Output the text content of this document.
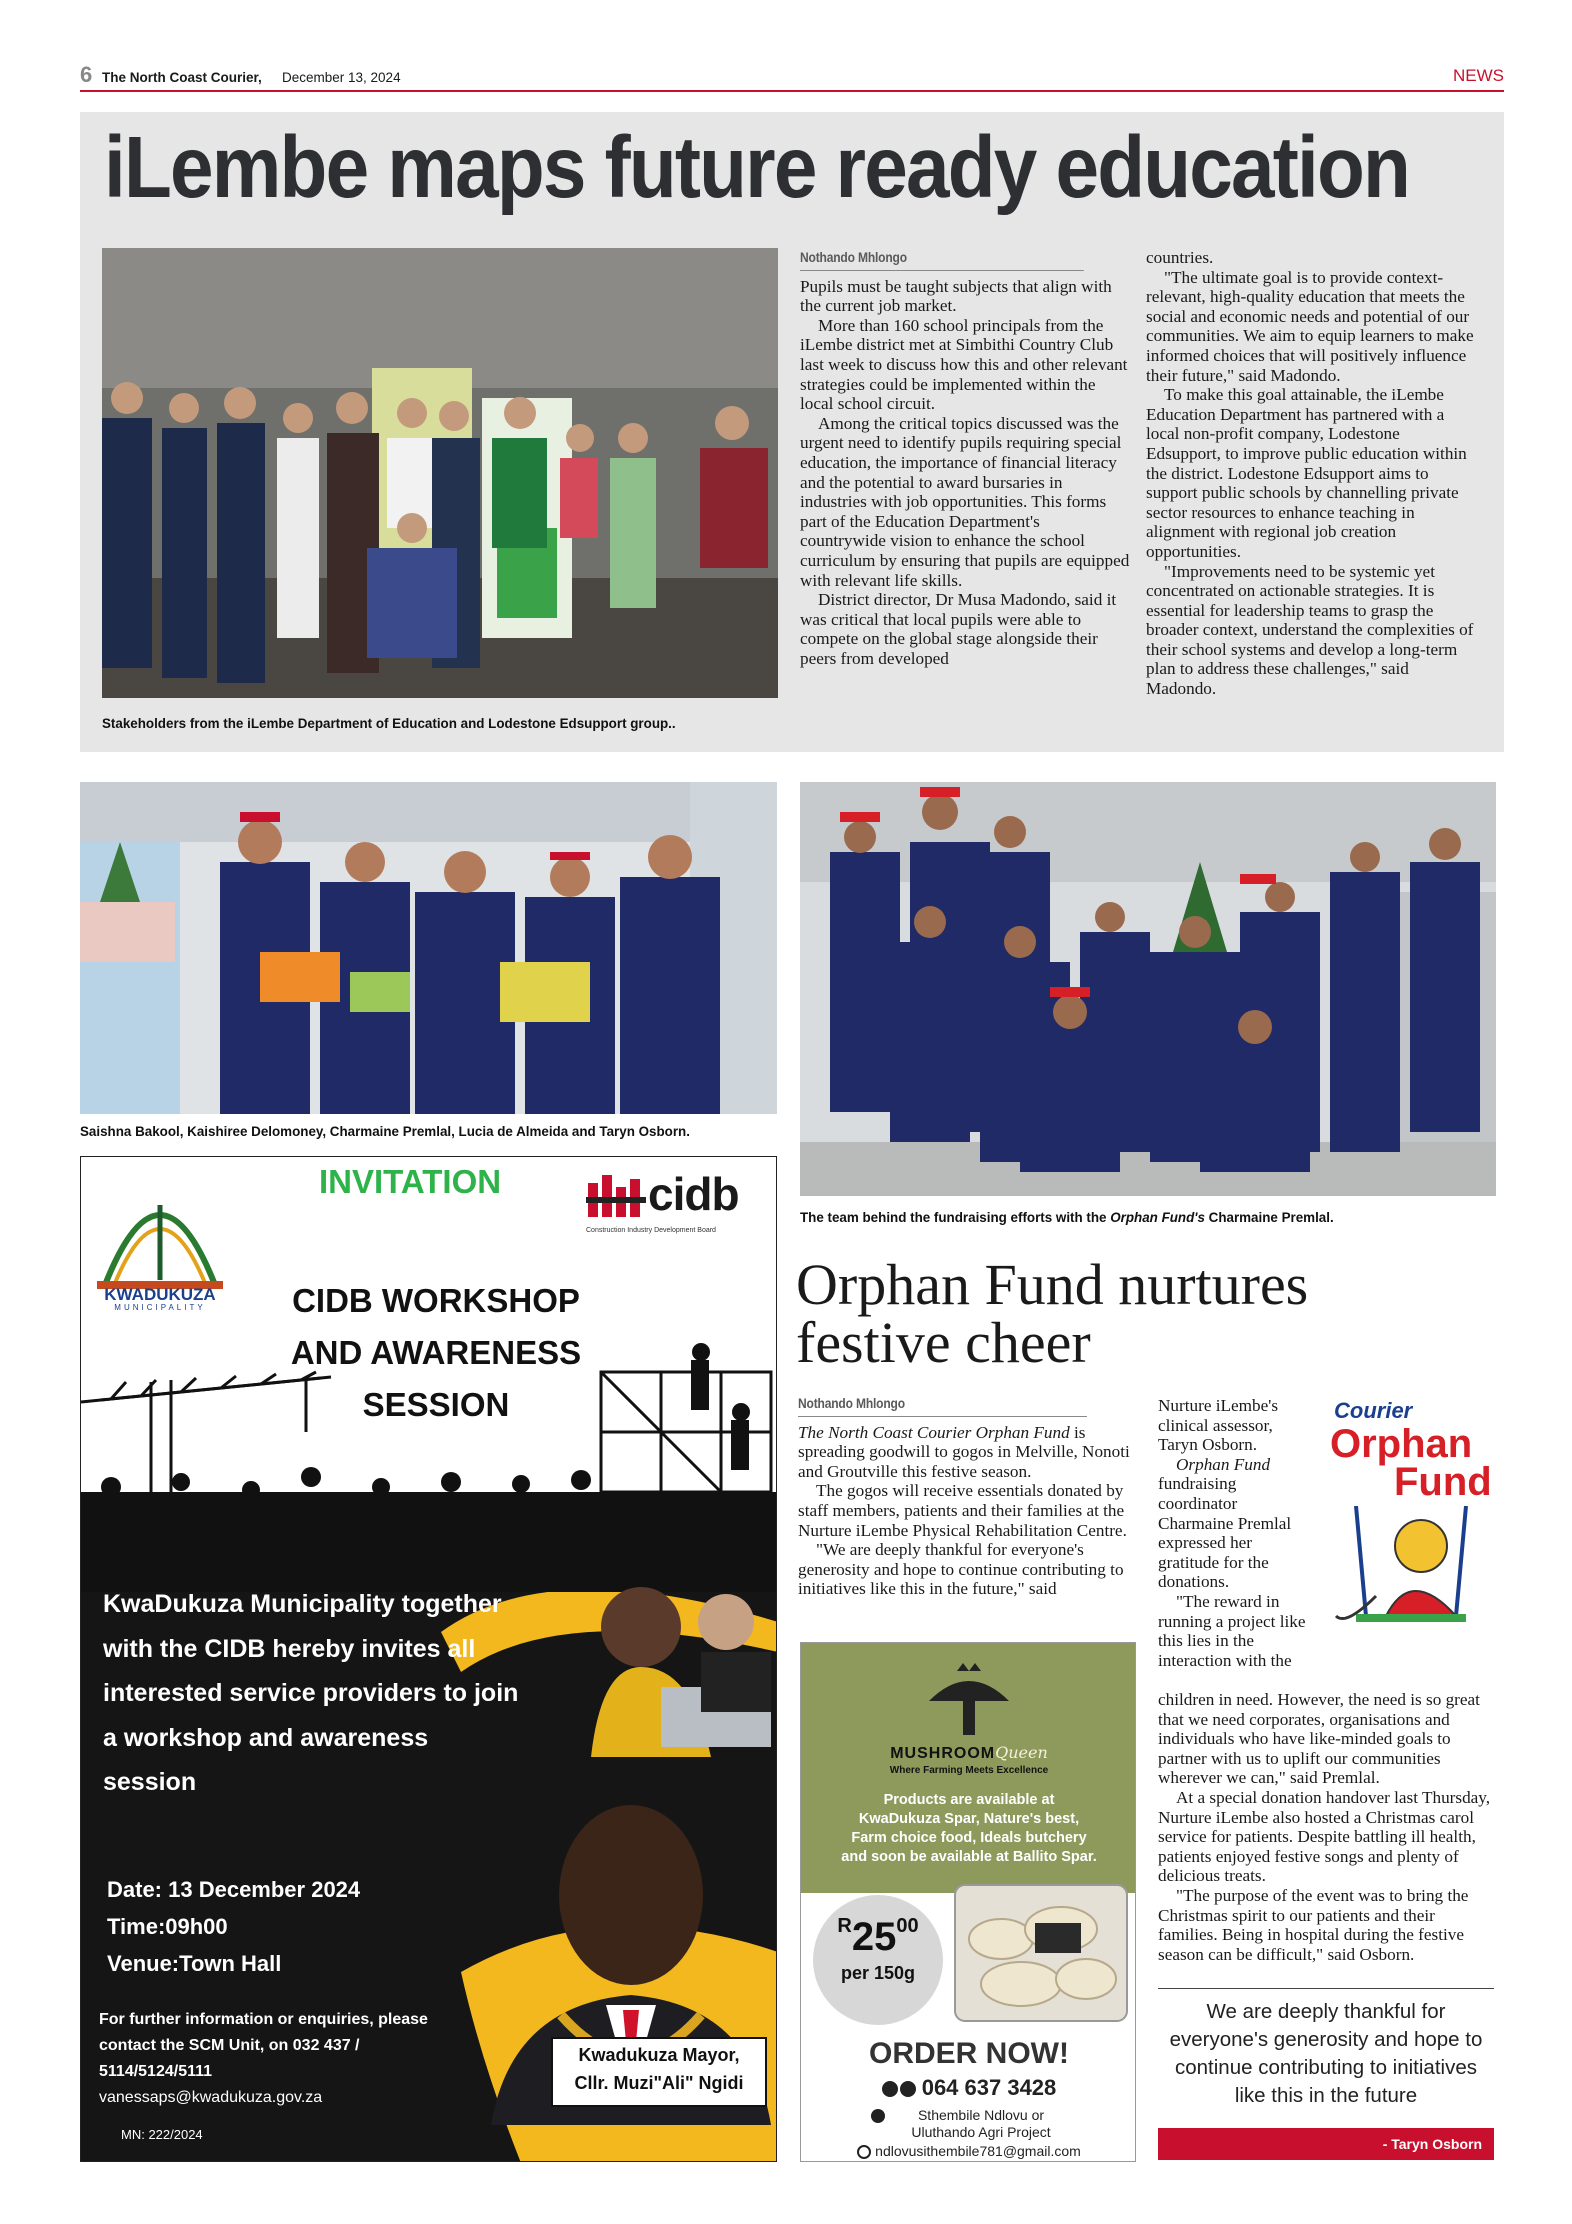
6 The North Coast Courier, December 13, 2024	NEWS
iLembe maps future ready education
Stakeholders from the iLembe Department of Education and Lodestone Edsupport group..
Nothando Mhlongo

Pupils must be taught subjects that align with the current job market.

More than 160 school principals from the iLembe district met at Simbithi Country Club last week to discuss how this and other relevant strategies could be implemented within the local school circuit.

Among the critical topics discussed was the urgent need to identify pupils requiring special education, the importance of financial literacy and the potential to award bursaries in industries with job opportunities. This forms part of the Education Department's countrywide vision to enhance the school curriculum by ensuring that pupils are equipped with relevant life skills.

District director, Dr Musa Madondo, said it was critical that local pupils were able to compete on the global stage alongside their peers from developed

countries.

"The ultimate goal is to provide context-relevant, high-quality education that meets the social and economic needs and potential of our communities. We aim to equip learners to make informed choices that will positively influence their future," said Madondo.

To make this goal attainable, the iLembe Education Department has partnered with a local non-profit company, Lodestone Edsupport, to improve public education within the district. Lodestone Edsupport aims to support public schools by channelling private sector resources to enhance teaching in alignment with regional job creation opportunities.

"Improvements need to be systemic yet concentrated on actionable strategies. It is essential for leadership teams to grasp the broader context, understand the complexities of their school systems and develop a long-term plan to address these challenges," said Madondo.

Saishna Bakool, Kaishiree Delomoney, Charmaine Premlal, Lucia de Almeida and Taryn Osborn.
The team behind the fundraising efforts with the Orphan Fund's Charmaine Premlal.
KWADUKUZA
MUNICIPALITY
INVITATION	cidb
Construction Industry Development Board
CIDB WORKSHOP
AND AWARENESS
SESSION
KwaDukuza Municipality together
with the CIDB hereby invites all
interested service providers to join
a workshop and awareness
session
Date: 13 December 2024
Time:09h00
Venue:Town Hall
For further information or enquiries, please
contact the SCM Unit, on 032 437 /
5114/5124/5111
vanessaps@kwadukuza.gov.za
MN: 222/2024
Kwadukuza Mayor,
Cllr. Muzi"Ali" Ngidi
Orphan Fund nurtures
festive cheer
Nothando Mhlongo

The North Coast Courier Orphan Fund is spreading goodwill to gogos in Melville, Nonoti and Groutville this festive season.

The gogos will receive essentials donated by staff members, patients and their families at the Nurture iLembe Physical Rehabilitation Centre.

"We are deeply thankful for everyone's generosity and hope to continue contributing to initiatives like this in the future," said

Nurture iLembe's clinical assessor, Taryn Osborn.

Orphan Fund fundraising coordinator Charmaine Premlal expressed her gratitude for the donations.

"The reward in running a project like this lies in the interaction with the

children in need. However, the need is so great that we need corporates, organisations and individuals who have like-minded goals to partner with us to uplift our communities wherever we can," said Premlal.

At a special donation handover last Thursday, Nurture iLembe also hosted a Christmas carol service for patients. Despite battling ill health, patients enjoyed festive songs and plenty of delicious treats.

"The purpose of the event was to bring the Christmas spirit to our patients and their families. Being in hospital during the festive season can be difficult," said Osborn.

Courier
Orphan
Fund
MUSHROOMQueen
Where Farming Meets Excellence
Products are available at
KwaDukuza Spar, Nature's best,
Farm choice food, Ideals butchery
and soon be available at Ballito Spar.
R2500
per 150g
ORDER NOW!
064 637 3428
Sthembile Ndlovu or
Uluthando Agri Project
ndlovusithembile781@gmail.com
We are deeply thankful for everyone's generosity and hope to continue contributing to initiatives like this in the future
- Taryn Osborn
